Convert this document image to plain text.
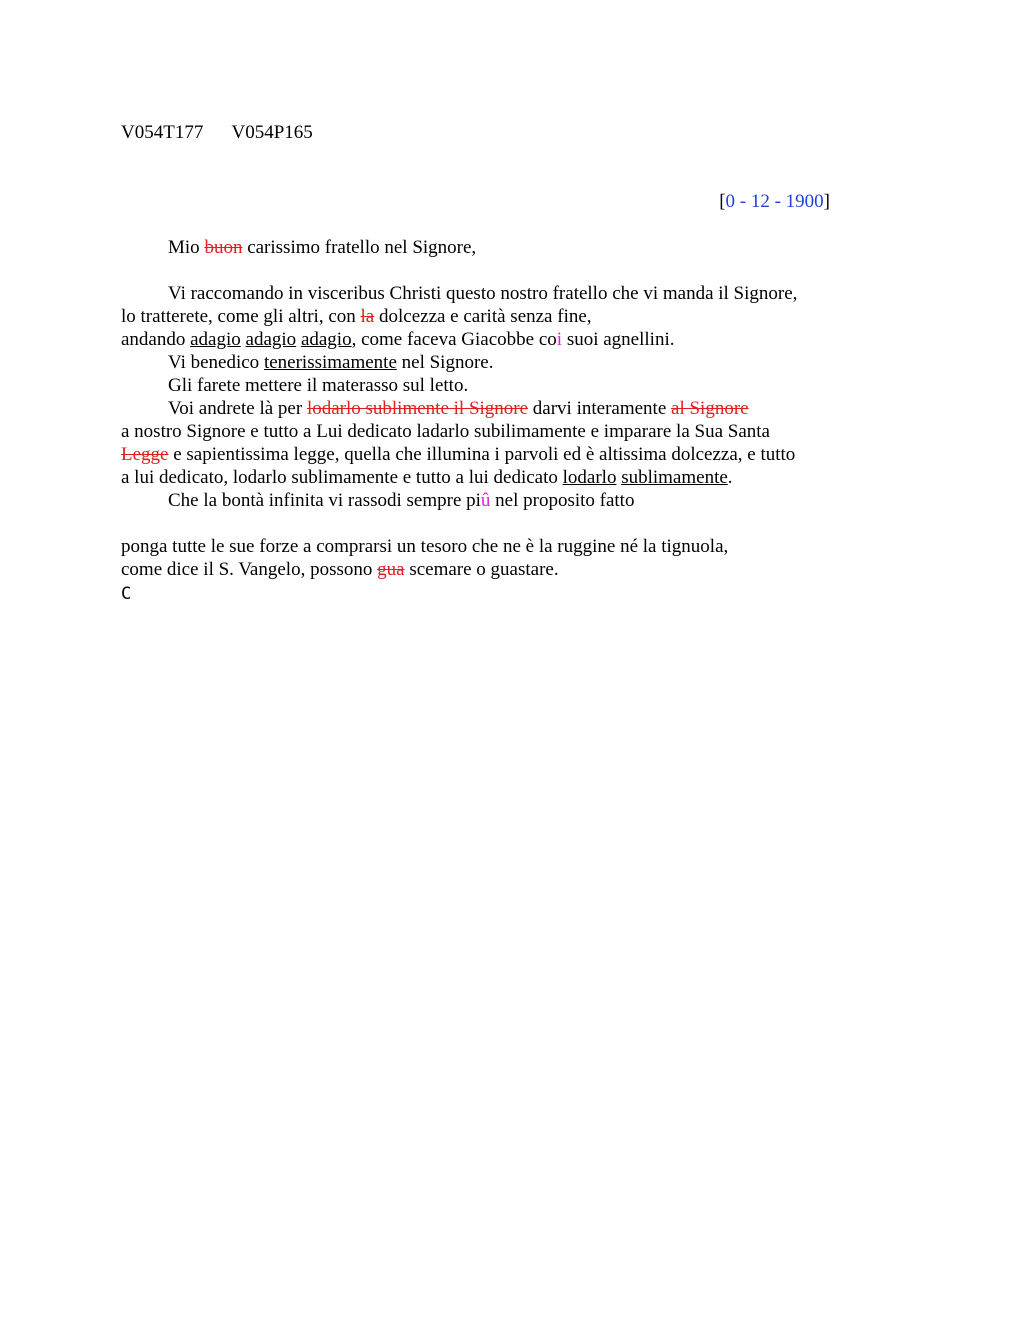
V054T177 V054P165
[0 - 12 - 1900]
Mio buon carissimo fratello nel Signore,
Vi raccomando in visceribus Christi questo nostro fratello che vi manda il Signore,
lo tratterete, come gli altri, con la dolcezza e carità senza fine,
andando adagio adagio adagio, come faceva Giacobbe coi suoi agnellini.
Vi benedico tenerissimamente nel Signore.
Gli farete mettere il materasso sul letto.
Voi andrete là per lodarlo sublimente il Signore darvi interamente al Signore
a nostro Signore e tutto a Lui dedicato ladarlo subilimamente e imparare la Sua Santa
Legge e sapientissima legge, quella che illumina i parvoli ed è altissima dolcezza, e tutto
a lui dedicato, lodarlo sublimamente e tutto a lui dedicato lodarlo sublimamente.
Che la bontà infinita vi rassodi sempre piû nel proposito fatto
ponga tutte le sue forze a comprarsi un tesoro che ne è la ruggine né la tignuola,
come dice il S. Vangelo, possono gua scemare o guastare.
C
